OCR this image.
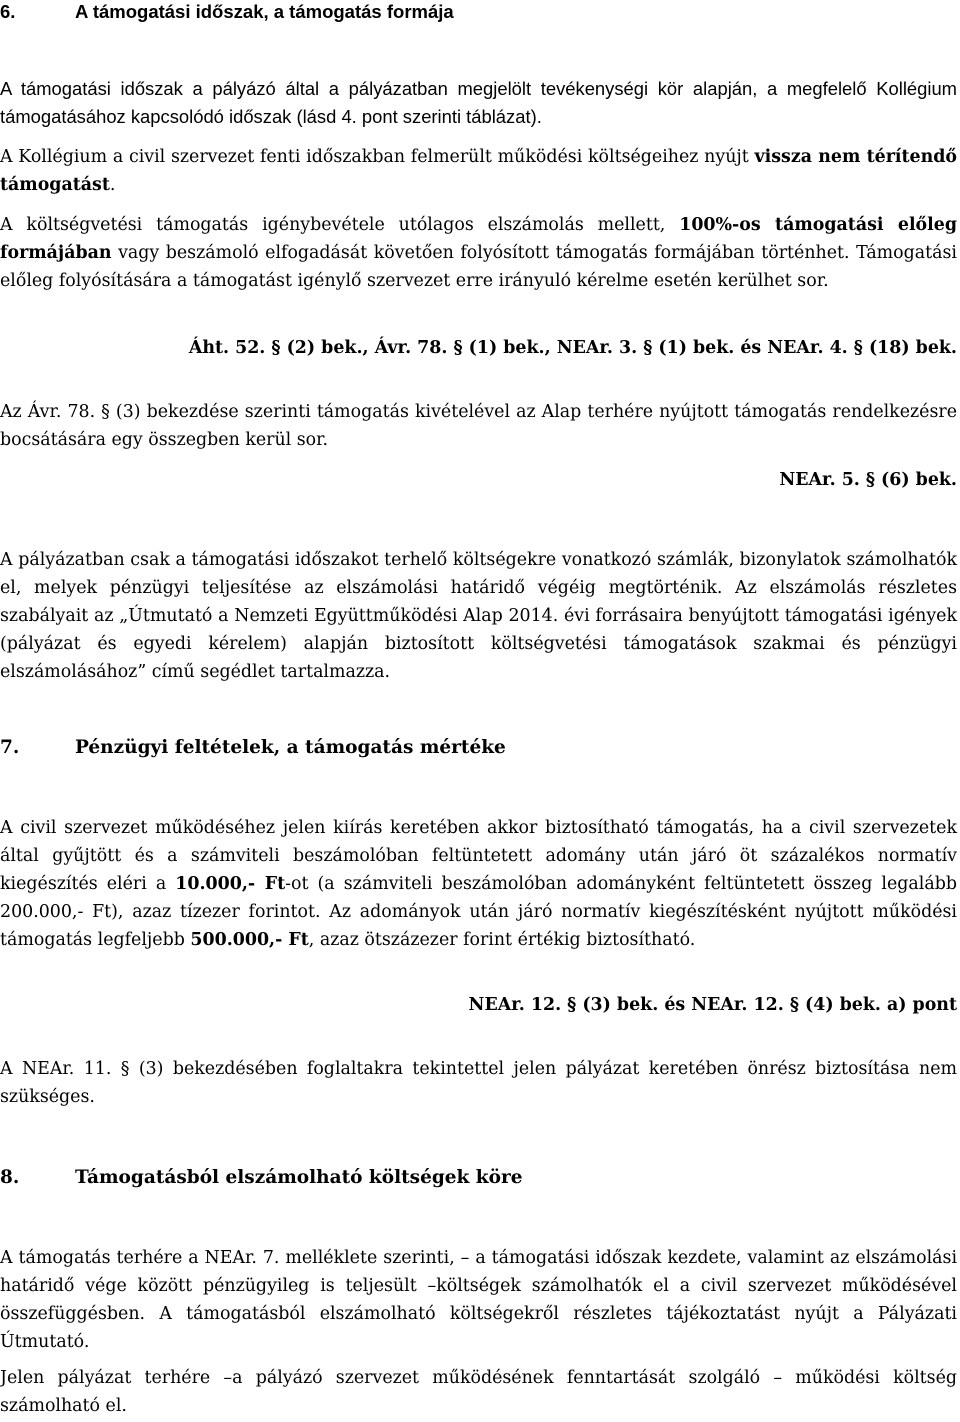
6.	A támogatási időszak, a támogatás formája

A támogatási időszak a pályázó által a pályázatban megjelölt tevékenységi kör alapján, a megfelelő Kollégium támogatásához kapcsolódó időszak (lásd 4. pont szerinti táblázat).

A Kollégium a civil szervezet fenti időszakban felmerült működési költségeihez nyújt vissza nem térítendő támogatást.

A költségvetési támogatás igénybevétele utólagos elszámolás mellett, 100%-os támogatási előleg formájában vagy beszámoló elfogadását követően folyósított támogatás formájában történhet. Támogatási előleg folyósítására a támogatást igénylő szervezet erre irányuló kérelme esetén kerülhet sor.

Áht. 52. § (2) bek., Ávr. 78. § (1) bek., NEAr. 3. § (1) bek. és NEAr. 4. § (18) bek.

Az Ávr. 78. § (3) bekezdése szerinti támogatás kivételével az Alap terhére nyújtott támogatás rendelkezésre bocsátására egy összegben kerül sor.

NEAr. 5. § (6) bek.

A pályázatban csak a támogatási időszakot terhelő költségekre vonatkozó számlák, bizonylatok számolhatók el, melyek pénzügyi teljesítése az elszámolási határidő végéig megtörténik. Az elszámolás részletes szabályait az „Útmutató a Nemzeti Együttműködési Alap 2014. évi forrásaira benyújtott támogatási igények (pályázat és egyedi kérelem) alapján biztosított költségvetési támogatások szakmai és pénzügyi elszámolásához” című segédlet tartalmazza.

7.	Pénzügyi feltételek, a támogatás mértéke

A civil szervezet működéséhez jelen kiírás keretében akkor biztosítható támogatás, ha a civil szervezetek által gyűjtött és a számviteli beszámolóban feltüntetett adomány után járó öt százalékos normatív kiegészítés eléri a 10.000,- Ft-ot (a számviteli beszámolóban adományként feltüntetett összeg legalább 200.000,- Ft), azaz tízezer forintot. Az adományok után járó normatív kiegészítésként nyújtott működési támogatás legfeljebb 500.000,- Ft, azaz ötszázezer forint értékig biztosítható.

NEAr. 12. § (3) bek. és NEAr. 12. § (4) bek. a) pont

A NEAr. 11. § (3) bekezdésében foglaltakra tekintettel jelen pályázat keretében önrész biztosítása nem szükséges.

8.	Támogatásból elszámolható költségek köre

A támogatás terhére a NEAr. 7. melléklete szerinti, – a támogatási időszak kezdete, valamint az elszámolási határidő vége között pénzügyileg is teljesült –költségek számolhatók el a civil szervezet működésével összefüggésben. A támogatásból elszámolható költségekről részletes tájékoztatást nyújt a Pályázati Útmutató.

Jelen pályázat terhére –a pályázó szervezet működésének fenntartását szolgáló – működési költség számolható el.
